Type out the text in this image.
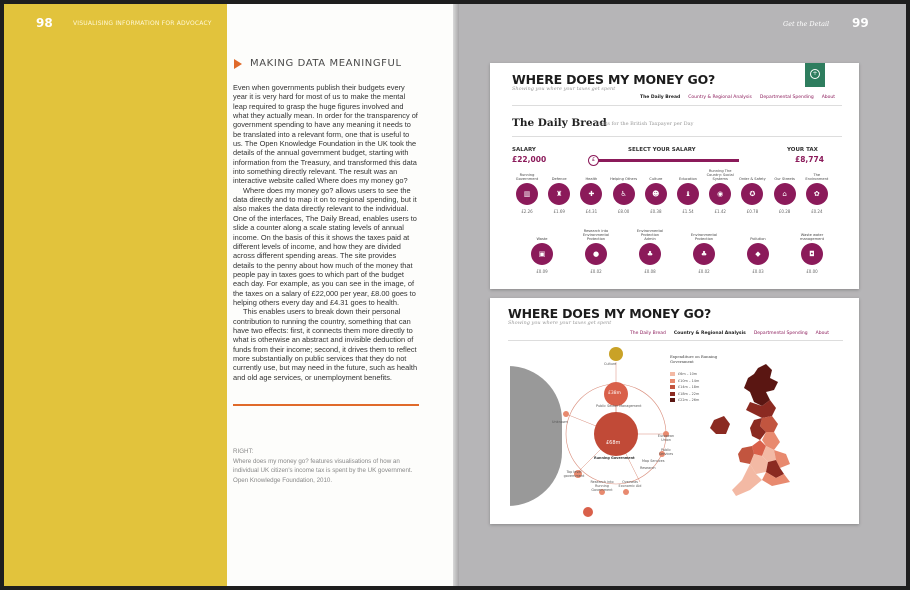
98	VISUALISING INFORMATION FOR ADVOCACY
MAKING DATA MEANINGFUL

Even when governments publish their budgets every year it is very hard for most of us to make the mental leap required to grasp the huge figures involved and what they actually mean. In order for the transparency of government spending to have any meaning it needs to be translated into a relevant form, one that is useful to us. The Open Knowledge Foundation in the UK took the details of the annual government budget, starting with information from the Treasury, and transformed this data into something directly relevant. The result was an interactive website called Where does my money go?

Where does my money go? allows users to see the data directly and to map it on to regional spending, but it also makes the data directly relevant to the individual. One of the interfaces, The Daily Bread, enables users to slide a counter along a scale stating levels of annual income. On the basis of this it shows the taxes paid at different levels of income, and how they are divided across different spending areas. The site provides details to the penny about how much of the money that people pay in taxes goes to which part of the budget each day. For example, as you can see in the image, of the taxes on a salary of £22,000 per year, £8.00 goes to helping others every day and £4.31 goes to health.

This enables users to break down their personal contribution to running the country, something that can have two effects: first, it connects them more directly to what is otherwise an abstract and invisible deduction of funds from their income; second, it drives them to reflect more substantially on public services that they do not currently use, but may need in the future, such as health and old age services, or unemployment benefits.

RIGHT:
Where does my money go? features visualisations of how an individual UK citizen's income tax is spent by the UK government. Open Knowledge Foundation, 2010.
Get the Detail 99
WHERE DOES MY MONEY GO?
Showing you where your taxes get spent
The Daily Bread Country & Regional Analysis Departmental Spending About
+
The Daily Bread
Costs for the British Taxpayer per Day
SALARY
£22,000
SELECT YOUR SALARY
£
YOUR TAX
£8,774
Running Government
▥
£2.26
Defence
♜
£1.69
Health
✚
£4.31
Helping Others
♿
£8.00
Culture
☻
£0.38
Education
♝
£1.54
Running The Country: Social Systems
◉
£1.42
Order & Safety
✪
£0.78
Our Streets
⌂
£0.28
The Environment
✿
£0.24
Waste
▣
£0.09
Research into Environmental Protection
●
£0.02
Environmental Protection Admin
♣
£0.08
Environmental Protection
♣
£0.02
Pollution
◆
£0.03
Waste water management
◘
£0.00
WHERE DOES MY MONEY GO?
Showing you where your taxes get spent
The Daily Bread Country & Regional Analysis Departmental Spending About
Culture
£38m
Public Sector Management
£68m
Running Government
Unknown
Top level government
Research into Running Government
Overseas Economic Aid
European Union
Public Services
Map Services
Research
Expenditure on Running Government
£6m – 10m
£10m – 14m
£14m – 18m
£18m – 22m
£22m – 26m
